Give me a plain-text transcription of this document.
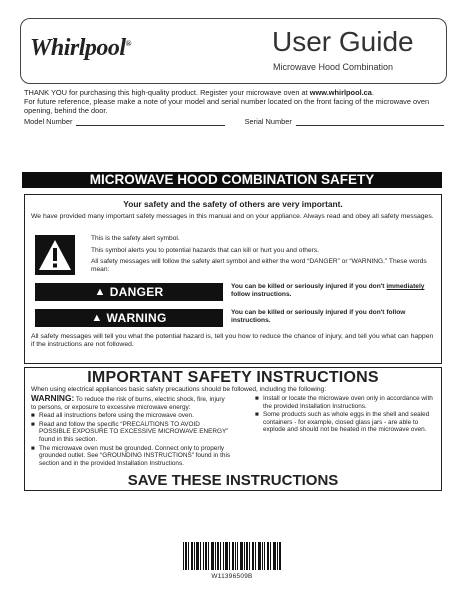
Whirlpool®	User Guide
Microwave Hood Combination
THANK YOU for purchasing this high-quality product. Register your microwave oven at www.whirlpool.ca.
For future reference, please make a note of your model and serial number located on the front facing of the microwave oven opening, behind the door.
Model Number	Serial Number
MICROWAVE HOOD COMBINATION SAFETY
Your safety and the safety of others are very important.
We have provided many important safety messages in this manual and on your appliance. Always read and obey all safety messages.
This is the safety alert symbol.
This symbol alerts you to potential hazards that can kill or hurt you and others.
All safety messages will follow the safety alert symbol and either the word “DANGER” or “WARNING.” These words mean:
▲ DANGER	You can be killed or seriously injured if you don't immediately follow instructions.
▲ WARNING	You can be killed or seriously injured if you don't follow instructions.
All safety messages will tell you what the potential hazard is, tell you how to reduce the chance of injury, and tell you what can happen if the instructions are not followed.
IMPORTANT SAFETY INSTRUCTIONS
When using electrical appliances basic safety precautions should be followed, including the following:
WARNING: To reduce the risk of burns, electric shock, fire, injury to persons, or exposure to excessive microwave energy:
■ Read all instructions before using the microwave oven.
■ Read and follow the specific “PRECAUTIONS TO AVOID POSSIBLE EXPOSURE TO EXCESSIVE MICROWAVE ENERGY” found in this section.
■ The microwave oven must be grounded. Connect only to properly grounded outlet. See “GROUNDING INSTRUCTIONS” found in this section and in the provided Installation Instructions.
■ Install or locate the microwave oven only in accordance with the provided Installation Instructions.
■ Some products such as whole eggs in the shell and sealed containers - for example, closed glass jars - are able to explode and should not be heated in the microwave oven.
SAVE THESE INSTRUCTIONS
W11396509B
